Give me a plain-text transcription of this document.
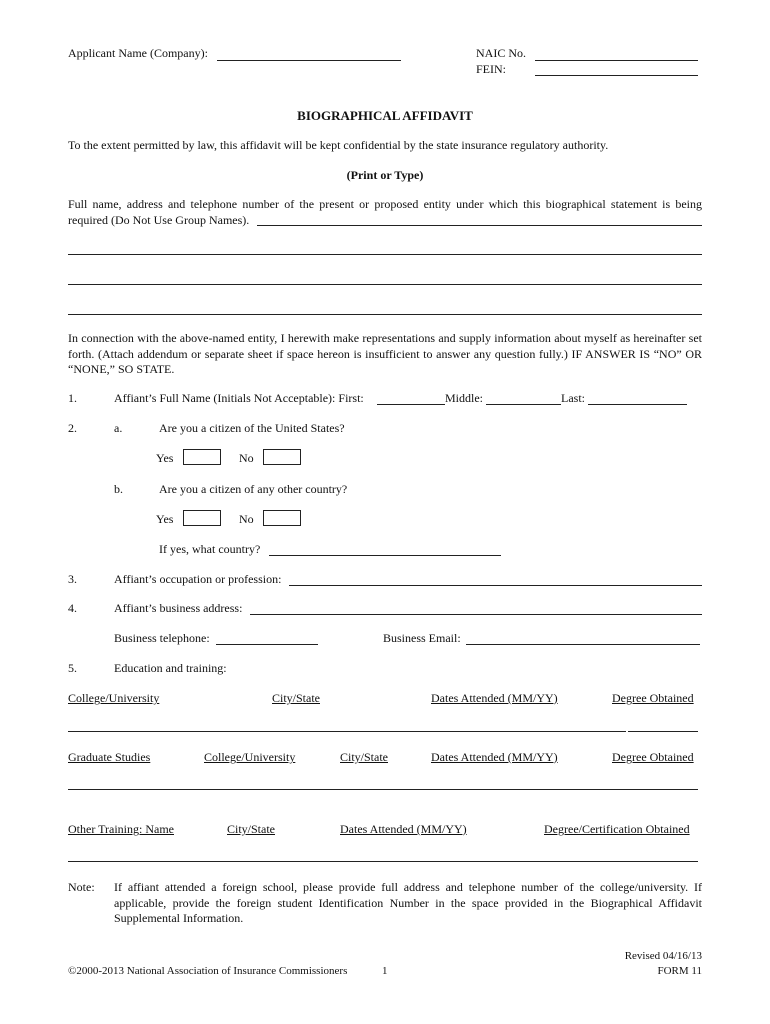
Applicant Name (Company):	NAIC No.
FEIN:
BIOGRAPHICAL AFFIDAVIT
To the extent permitted by law, this affidavit will be kept confidential by the state insurance regulatory authority.
(Print or Type)
Full name, address and telephone number of the present or proposed entity under which this biographical statement is being required (Do Not Use Group Names).
In connection with the above-named entity, I herewith make representations and supply information about myself as hereinafter set forth. (Attach addendum or separate sheet if space hereon is insufficient to answer any question fully.) IF ANSWER IS “NO” OR “NONE,” SO STATE.
1.	Affiant’s Full Name (Initials Not Acceptable): First:	Middle:	Last:
2.	a.	Are you a citizen of the United States?
Yes	No
b.	Are you a citizen of any other country?
Yes	No
If yes, what country?
3.	Affiant’s occupation or profession:
4.	Affiant’s business address:
Business telephone:	Business Email:
5.	Education and training:
College/University	City/State	Dates Attended (MM/YY)	Degree Obtained
Graduate Studies	College/University	City/State	Dates Attended (MM/YY)	Degree Obtained
Other Training: Name	City/State	Dates Attended (MM/YY)	Degree/Certification Obtained
Note: If affiant attended a foreign school, please provide full address and telephone number of the college/university. If applicable, provide the foreign student Identification Number in the space provided in the Biographical Affidavit Supplemental Information.
Revised 04/16/13
©2000-2013 National Association of Insurance Commissioners	1	FORM 11
